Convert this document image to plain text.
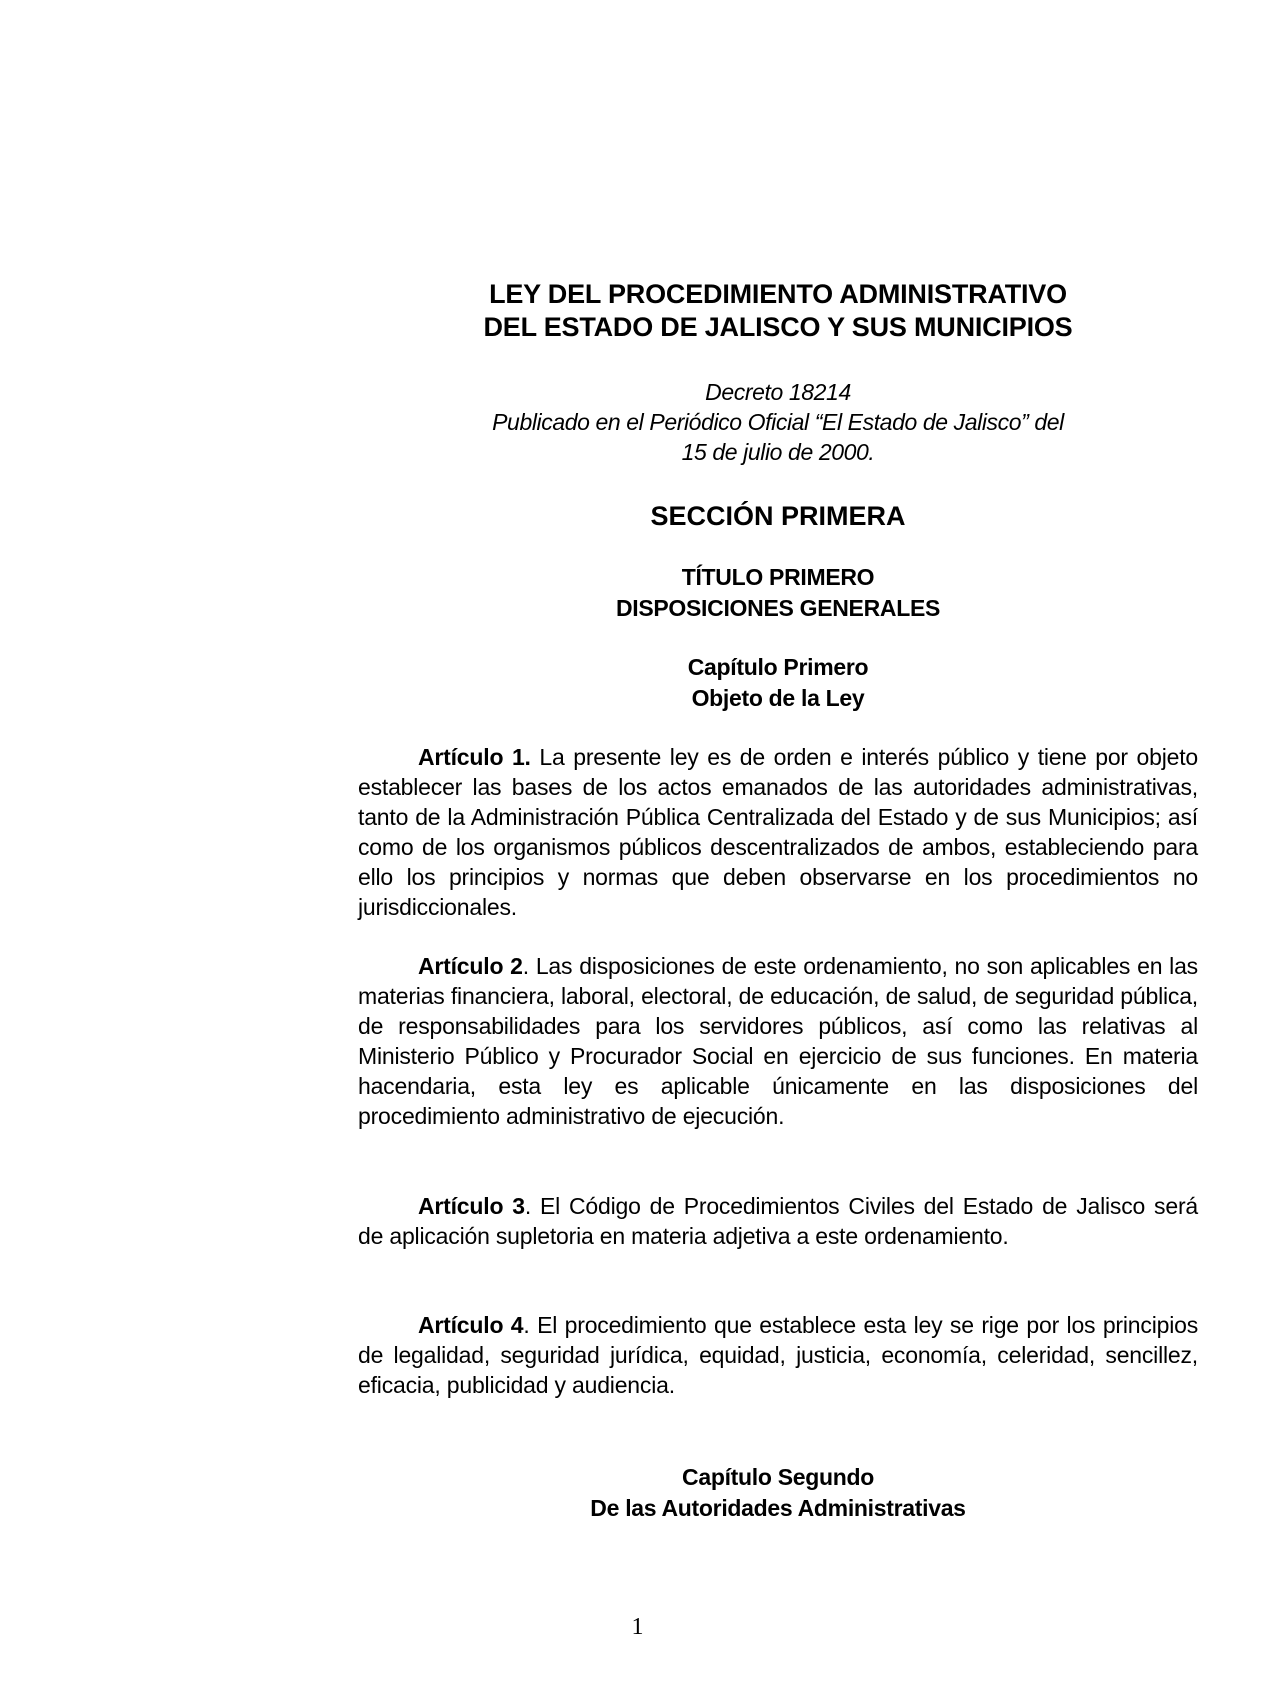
LEY DEL PROCEDIMIENTO ADMINISTRATIVO
DEL ESTADO DE JALISCO Y SUS MUNICIPIOS
Decreto 18214
Publicado en el Periódico Oficial “El Estado de Jalisco” del
15 de julio de 2000.
SECCIÓN PRIMERA
TÍTULO PRIMERO
DISPOSICIONES GENERALES
Capítulo Primero
Objeto de la Ley

Artículo 1. La presente ley es de orden e interés público y tiene por objeto establecer las bases de los actos emanados de las autoridades administrativas, tanto de la Administración Pública Centralizada del Estado y de sus Municipios; así como de los organismos públicos descentralizados de ambos, estableciendo para ello los principios y normas que deben observarse en los procedimientos no jurisdiccionales.

Artículo 2. Las disposiciones de este ordenamiento, no son aplicables en las materias financiera, laboral, electoral, de educación, de salud, de seguridad pública, de responsabilidades para los servidores públicos, así como las relativas al Ministerio Público y Procurador Social en ejercicio de sus funciones. En materia hacendaria, esta ley es aplicable únicamente en las disposiciones del procedimiento administrativo de ejecución.

Artículo 3. El Código de Procedimientos Civiles del Estado de Jalisco será de aplicación supletoria en materia adjetiva a este ordenamiento.

Artículo 4. El procedimiento que establece esta ley se rige por los principios de legalidad, seguridad jurídica, equidad, justicia, economía, celeridad, sencillez, eficacia, publicidad y audiencia.

Capítulo Segundo
De las Autoridades Administrativas
1
